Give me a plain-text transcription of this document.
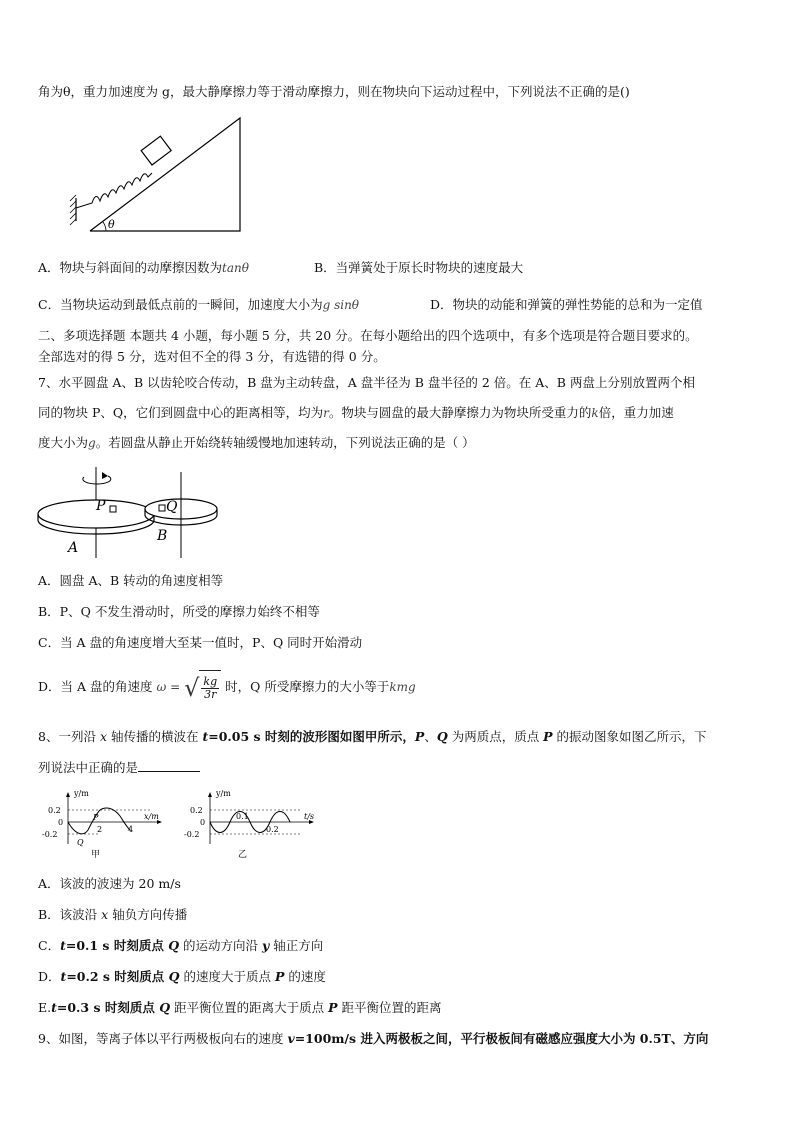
角为θ，重力加速度为 g，最大静摩擦力等于滑动摩擦力，则在物块向下运动过程中，下列说法不正确的是()
θ
A．物块与斜面间的动摩擦因数为tanθ	B．当弹簧处于原长时物块的速度最大
C．当物块运动到最低点前的一瞬间，加速度大小为g sinθ	D．物块的动能和弹簧的弹性势能的总和为一定值
二、多项选择题 本题共 4 小题，每小题 5 分，共 20 分。在每小题给出的四个选项中，有多个选项是符合题目要求的。
全部选对的得 5 分，选对但不全的得 3 分，有选错的得 0 分。
7、水平圆盘 A、B 以齿轮咬合传动，B 盘为主动转盘，A 盘半径为 B 盘半径的 2 倍。在 A、B 两盘上分别放置两个相
同的物块 P、Q，它们到圆盘中心的距离相等，均为r。物块与圆盘的最大静摩擦力为物块所受重力的k倍，重力加速
度大小为g。若圆盘从静止开始绕转轴缓慢地加速转动，下列说法正确的是（ ）
P	Q
A
B
A．圆盘 A、B 转动的角速度相等
B．P、Q 不发生滑动时，所受的摩擦力始终不相等
C．当 A 盘的角速度增大至某一值时，P、Q 同时开始滑动
D．当 A 盘的角速度 ω = √ $\frac{kg}{3r}$ 时，Q 所受摩擦力的大小等于kmg
8、一列沿 x 轴传播的横波在 t=0.05 s 时刻的波形图如图甲所示，P、Q 为两质点，质点 P 的振动图象如图乙所示，下
列说法中正确的是
y/m
x/m
0.2
0
-0.2
2	4
P
Q
甲
y/m
t/s
0.2
0
-0.2
0.1
0.2
乙
A．该波的波速为 20 m/s
B．该波沿 x 轴负方向传播
C．t=0.1 s 时刻质点 Q 的运动方向沿 y 轴正方向
D．t=0.2 s 时刻质点 Q 的速度大于质点 P 的速度
E.t=0.3 s 时刻质点 Q 距平衡位置的距离大于质点 P 距平衡位置的距离
9、如图，等离子体以平行两极板向右的速度 v=100m/s 进入两极板之间，平行极板间有磁感应强度大小为 0.5T、方向
